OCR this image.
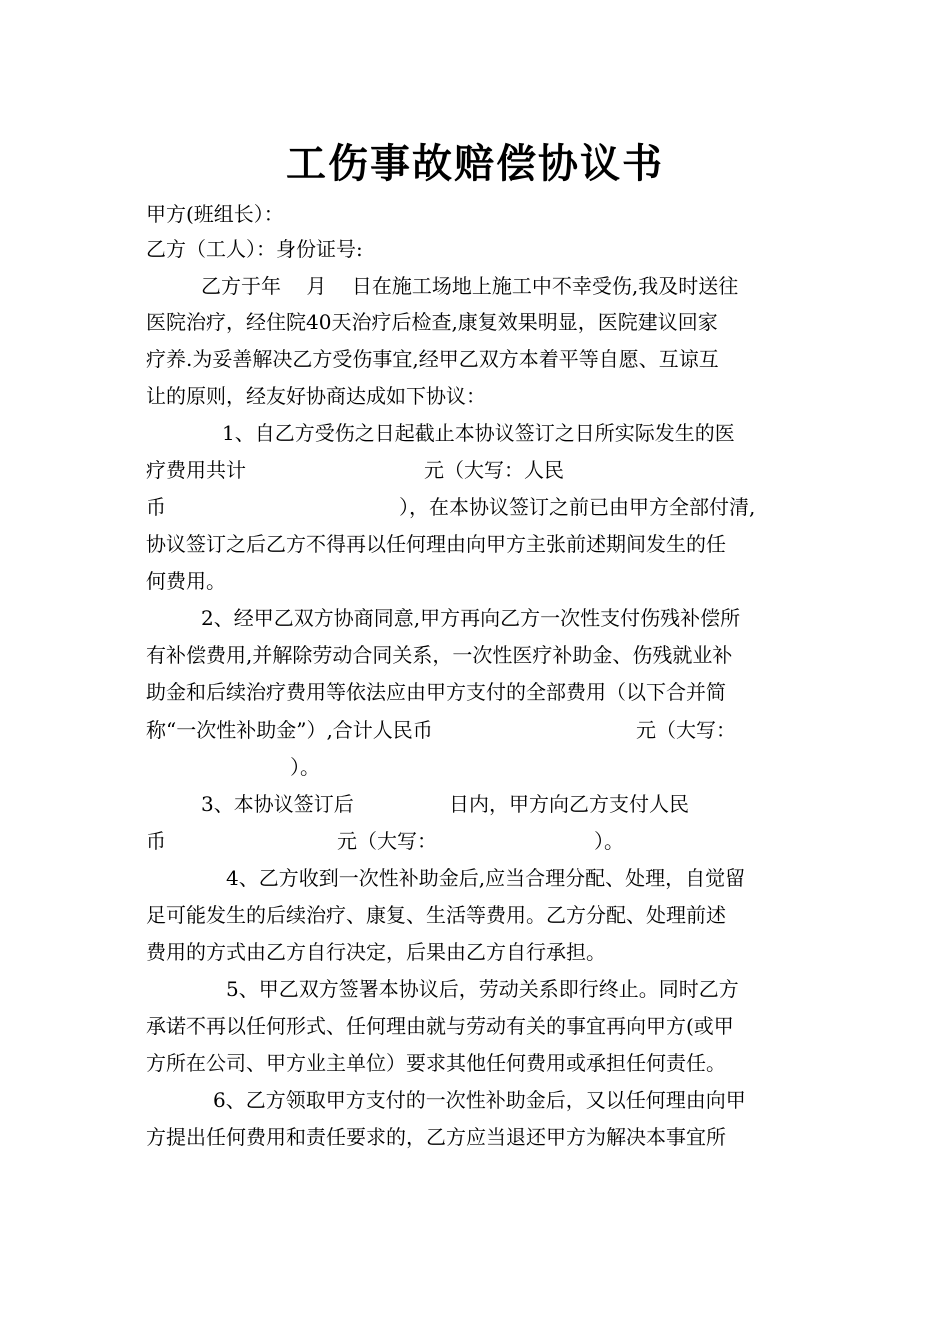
工伤事故赔偿协议书
甲方(班组长）：
乙方（工人）：身份证号:
乙方于年    月    日在施工场地上施工中不幸受伤,我及时送往
医院治疗，经住院40天治疗后检查,康复效果明显，医院建议回家
疗养.为妥善解决乙方受伤事宜,经甲乙双方本着平等自愿、互谅互
让的原则，经友好协商达成如下协议：
1、自乙方受伤之日起截止本协议签订之日所实际发生的医
疗费用共计	元（大写：人民
币	），在本协议签订之前已由甲方全部付清,
协议签订之后乙方不得再以任何理由向甲方主张前述期间发生的任
何费用。
2、经甲乙双方协商同意,甲方再向乙方一次性支付伤残补偿所
有补偿费用,并解除劳动合同关系，一次性医疗补助金、伤残就业补
助金和后续治疗费用等依法应由甲方支付的全部费用（以下合并简
称“一次性补助金”）,合计人民币	元（大写：
）。
3、本协议签订后	日内，甲方向乙方支付人民
币	元（大写：	）。
4、乙方收到一次性补助金后,应当合理分配、处理，自觉留
足可能发生的后续治疗、康复、生活等费用。乙方分配、处理前述
费用的方式由乙方自行决定，后果由乙方自行承担。
5、甲乙双方签署本协议后，劳动关系即行终止。同时乙方
承诺不再以任何形式、任何理由就与劳动有关的事宜再向甲方(或甲
方所在公司、甲方业主单位）要求其他任何费用或承担任何责任。
6、乙方领取甲方支付的一次性补助金后，又以任何理由向甲
方提出任何费用和责任要求的，乙方应当退还甲方为解决本事宜所
